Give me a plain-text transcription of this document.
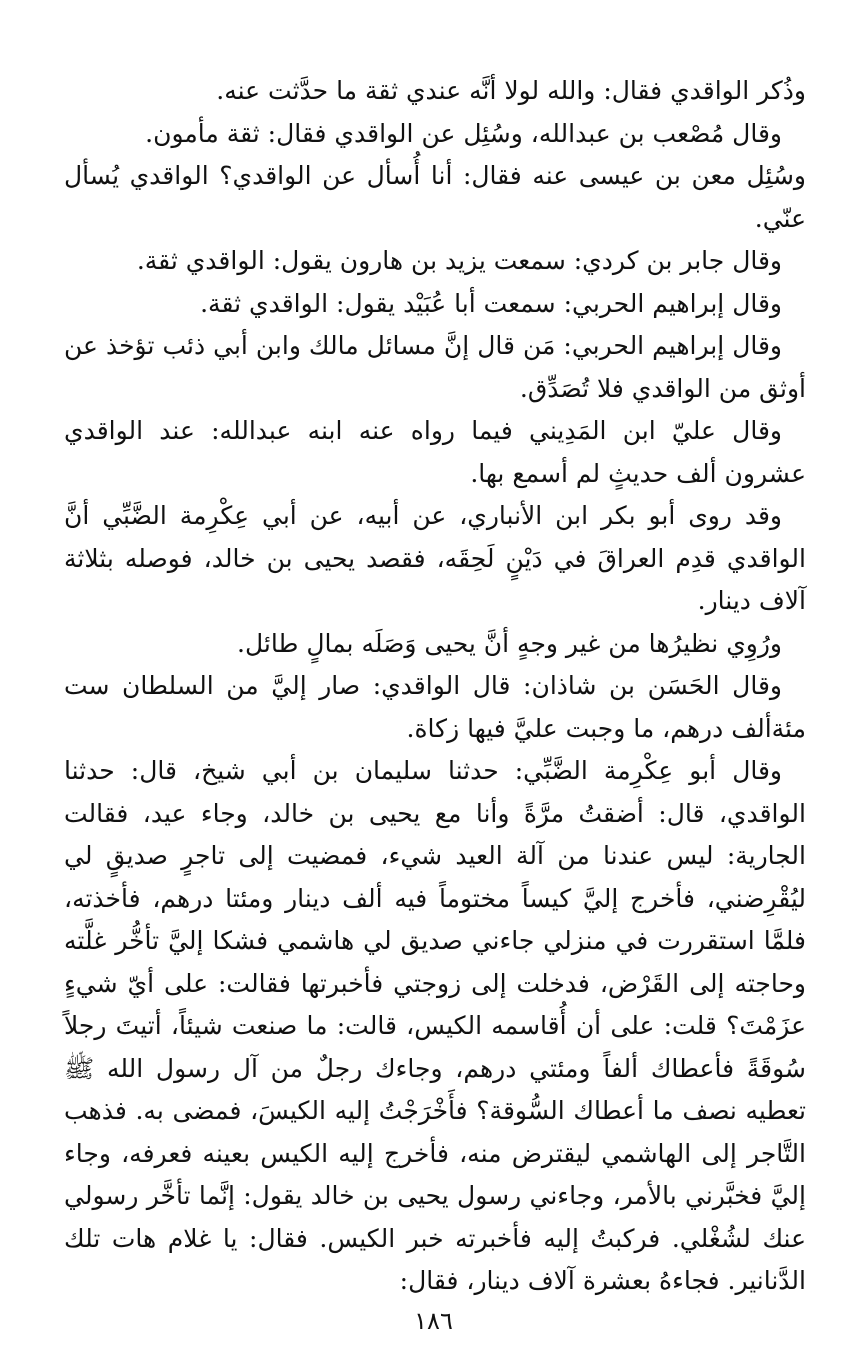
وذُكر الواقدي فقال: والله لولا أنَّه عندي ثقة ما حدَّثت عنه.

وقال مُصْعب بن عبدالله، وسُئِل عن الواقدي فقال: ثقة مأمون.

وسُئِل معن بن عيسى عنه فقال: أنا أُسأل عن الواقدي؟ الواقدي يُسأل عنّي.

وقال جابر بن كردي: سمعت يزيد بن هارون يقول: الواقدي ثقة.

وقال إبراهيم الحربي: سمعت أبا عُبَيْد يقول: الواقدي ثقة.

وقال إبراهيم الحربي: مَن قال إنَّ مسائل مالك وابن أبي ذئب تؤخذ عن أوثق من الواقدي فلا تُصَدِّق.

وقال عليّ ابن المَدِيني فيما رواه عنه ابنه عبدالله: عند الواقدي عشرون ألف حديثٍ لم أسمع بها.

وقد روى أبو بكر ابن الأنباري، عن أبيه، عن أبي عِكْرِمة الضَّبِّي أنَّ الواقدي قدِم العراقَ في دَيْنٍ لَحِقَه، فقصد يحيى بن خالد، فوصله بثلاثة آلاف دينار.

ورُوِي نظيرُها من غير وجهٍ أنَّ يحيى وَصَلَه بمالٍ طائل.

وقال الحَسَن بن شاذان: قال الواقدي: صار إليَّ من السلطان ست مئةألف درهم، ما وجبت عليَّ فيها زكاة.

وقال أبو عِكْرِمة الضَّبِّي: حدثنا سليمان بن أبي شيخ، قال: حدثنا الواقدي، قال: أضقتُ مرَّةً وأنا مع يحيى بن خالد، وجاء عيد، فقالت الجارية: ليس عندنا من آلة العيد شيء، فمضيت إلى تاجرٍ صديقٍ لي ليُقْرِضني، فأخرج إليَّ كيساً مختوماً فيه ألف دينار ومئتا درهم، فأخذته، فلمَّا استقررت في منزلي جاءني صديق لي هاشمي فشكا إليَّ تأخُّر غلَّته وحاجته إلى القَرْض، فدخلت إلى زوجتي فأخبرتها فقالت: على أيّ شيءٍ عزَمْتَ؟ قلت: على أن أُقاسمه الكيس، قالت: ما صنعت شيئاً، أتيتَ رجلاً سُوقَةً فأعطاك ألفاً ومئتي درهم، وجاءك رجلٌ من آل رسول الله ﷺ تعطيه نصف ما أعطاك السُّوقة؟ فأَخْرَجْتُ إليه الكيسَ، فمضى به. فذهب التَّاجر إلى الهاشمي ليقترض منه، فأخرج إليه الكيس بعينه فعرفه، وجاء إليَّ فخبَّرني بالأمر، وجاءني رسول يحيى بن خالد يقول: إنَّما تأخَّر رسولي عنك لشُغْلي. فركبتُ إليه فأخبرته خبر الكيس. فقال: يا غلام هات تلك الدَّنانير. فجاءهُ بعشرة آلاف دينار، فقال:

١٨٦
